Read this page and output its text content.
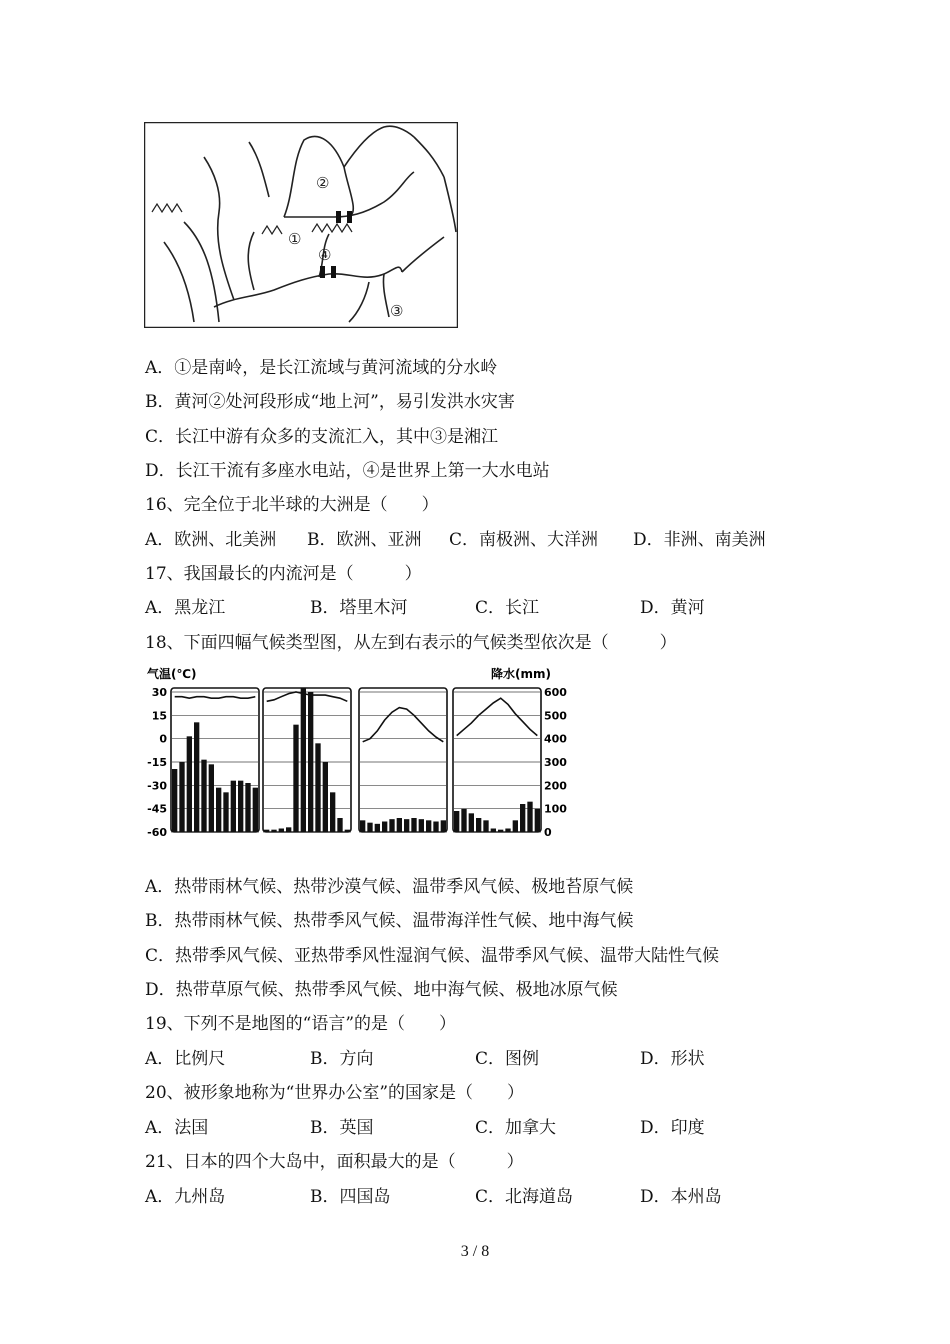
①
②
③
④
A．①是南岭，是长江流域与黄河流域的分水岭
B．黄河②处河段形成“地上河”，易引发洪水灾害
C．长江中游有众多的支流汇入，其中③是湘江
D．长江干流有多座水电站，④是世界上第一大水电站
16、完全位于北半球的大洲是（　　）
A．欧洲、北美洲 B．欧洲、亚洲 C．南极洲、大洋洲 D．非洲、南美洲
17、我国最长的内流河是（　　　）
A．黑龙江	B．塔里木河	C．长江	D．黄河
18、下面四幅气候类型图，从左到右表示的气候类型依次是（　　　）
气温(℃)	降水(mm)
30
15
0
-15
-30
-45
-60
600
500
400
300
200
100
0
A．热带雨林气候、热带沙漠气候、温带季风气候、极地苔原气候
B．热带雨林气候、热带季风气候、温带海洋性气候、地中海气候
C．热带季风气候、亚热带季风性湿润气候、温带季风气候、温带大陆性气候
D．热带草原气候、热带季风气候、地中海气候、极地冰原气候
19、下列不是地图的“语言”的是（　　）
A．比例尺	B．方向	C．图例	D．形状
20、被形象地称为“世界办公室”的国家是（　　）
A．法国	B．英国	C．加拿大	D．印度
21、日本的四个大岛中，面积最大的是（　　　）
A．九州岛	B．四国岛	C．北海道岛	D．本州岛
3 / 8
